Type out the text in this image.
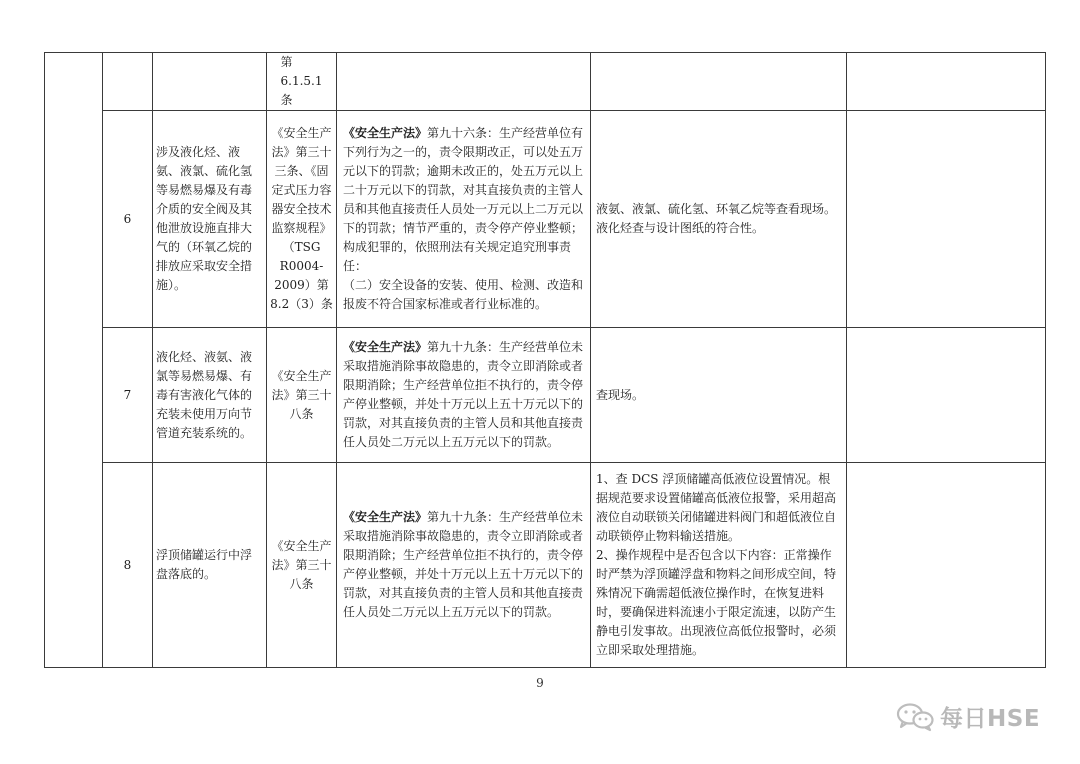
			第
6.1.5.1
条			
	6	涉及液化烃、液氨、液氯、硫化氢等易燃易爆及有毒介质的安全阀及其他泄放设施直排大气的（环氧乙烷的排放应采取安全措施）。	《安全生产法》第三十三条、《固定式压力容器安全技术监察规程》（TSG R0004-2009）第8.2（3）条	《安全生产法》第九十六条：生产经营单位有下列行为之一的，责令限期改正，可以处五万元以下的罚款；逾期未改正的，处五万元以上二十万元以下的罚款，对其直接负责的主管人员和其他直接责任人员处一万元以上二万元以下的罚款；情节严重的，责令停产停业整顿；构成犯罪的，依照刑法有关规定追究刑事责任：
（二）安全设备的安装、使用、检测、改造和报废不符合国家标准或者行业标准的。	液氨、液氯、硫化氢、环氧乙烷等查看现场。
液化烃查与设计图纸的符合性。	
	7	液化烃、液氨、液氯等易燃易爆、有毒有害液化气体的充装未使用万向节管道充装系统的。	《安全生产法》第三十八条	《安全生产法》第九十九条：生产经营单位未采取措施消除事故隐患的，责令立即消除或者限期消除；生产经营单位拒不执行的，责令停产停业整顿，并处十万元以上五十万元以下的罚款，对其直接负责的主管人员和其他直接责任人员处二万元以上五万元以下的罚款。	查现场。	
	8	浮顶储罐运行中浮盘落底的。	《安全生产法》第三十八条	《安全生产法》第九十九条：生产经营单位未采取措施消除事故隐患的，责令立即消除或者限期消除；生产经营单位拒不执行的，责令停产停业整顿，并处十万元以上五十万元以下的罚款，对其直接负责的主管人员和其他直接责任人员处二万元以上五万元以下的罚款。	1、查 DCS 浮顶储罐高低液位设置情况。根据规范要求设置储罐高低液位报警，采用超高液位自动联锁关闭储罐进料阀门和超低液位自动联锁停止物料输送措施。
2、操作规程中是否包含以下内容：正常操作时严禁为浮顶罐浮盘和物料之间形成空间，特殊情况下确需超低液位操作时，在恢复进料时，要确保进料流速小于限定流速，以防产生静电引发事故。出现液位高低位报警时，必须立即采取处理措施。	
9
每日HSE
